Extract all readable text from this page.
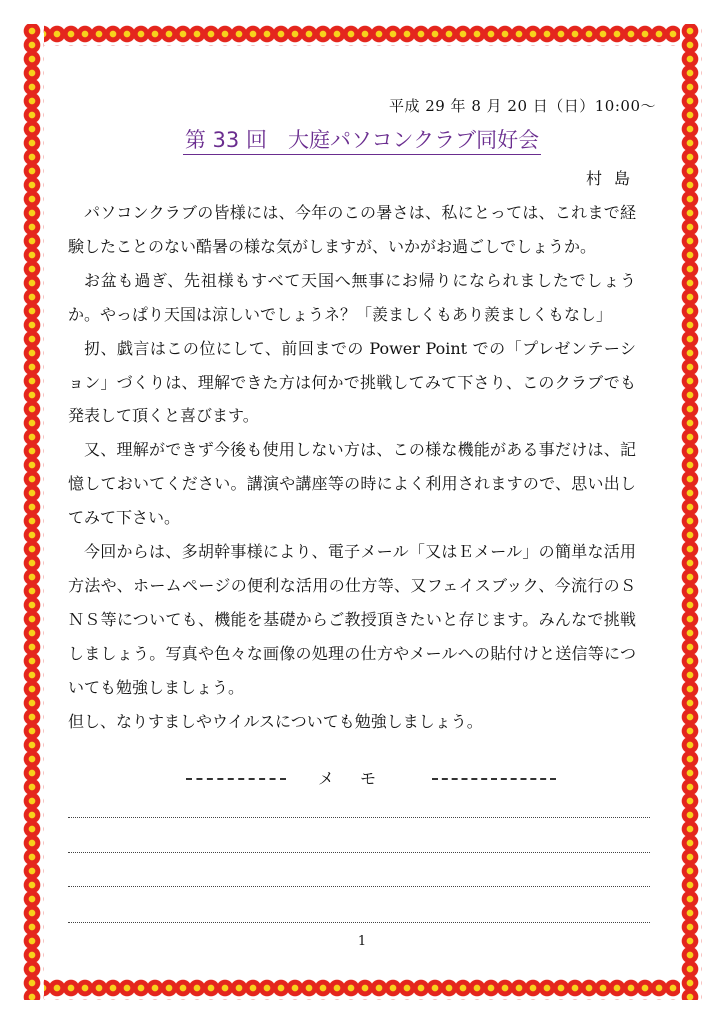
平成 29 年 8 月 20 日（日）10:00～
第 33 回　大庭パソコンクラブ同好会
村島

パソコンクラブの皆様には、今年のこの暑さは、私にとっては、これまで経験したことのない酷暑の様な気がしますが、いかがお過ごしでしょうか。

お盆も過ぎ、先祖様もすべて天国へ無事にお帰りになられましたでしょうか。やっぱり天国は涼しいでしょうネ？「羨ましくもあり羨ましくもなし」

扨、戯言はこの位にして、前回までの Power Point での「プレゼンテーション」づくりは、理解できた方は何かで挑戦してみて下さり、このクラブでも発表して頂くと喜びます。

又、理解ができず今後も使用しない方は、この様な機能がある事だけは、記憶しておいてください。講演や講座等の時によく利用されますので、思い出してみて下さい。

今回からは、多胡幹事様により、電子メール「又はＥメール」の簡単な活用方法や、ホームページの便利な活用の仕方等、又フェイスブック、今流行のＳＮＳ等についても、機能を基礎からご教授頂きたいと存じます。みんなで挑戦しましょう。写真や色々な画像の処理の仕方やメールへの貼付けと送信等についても勉強しましょう。

但し、なりすましやウイルスについても勉強しましょう。

メモ
1
